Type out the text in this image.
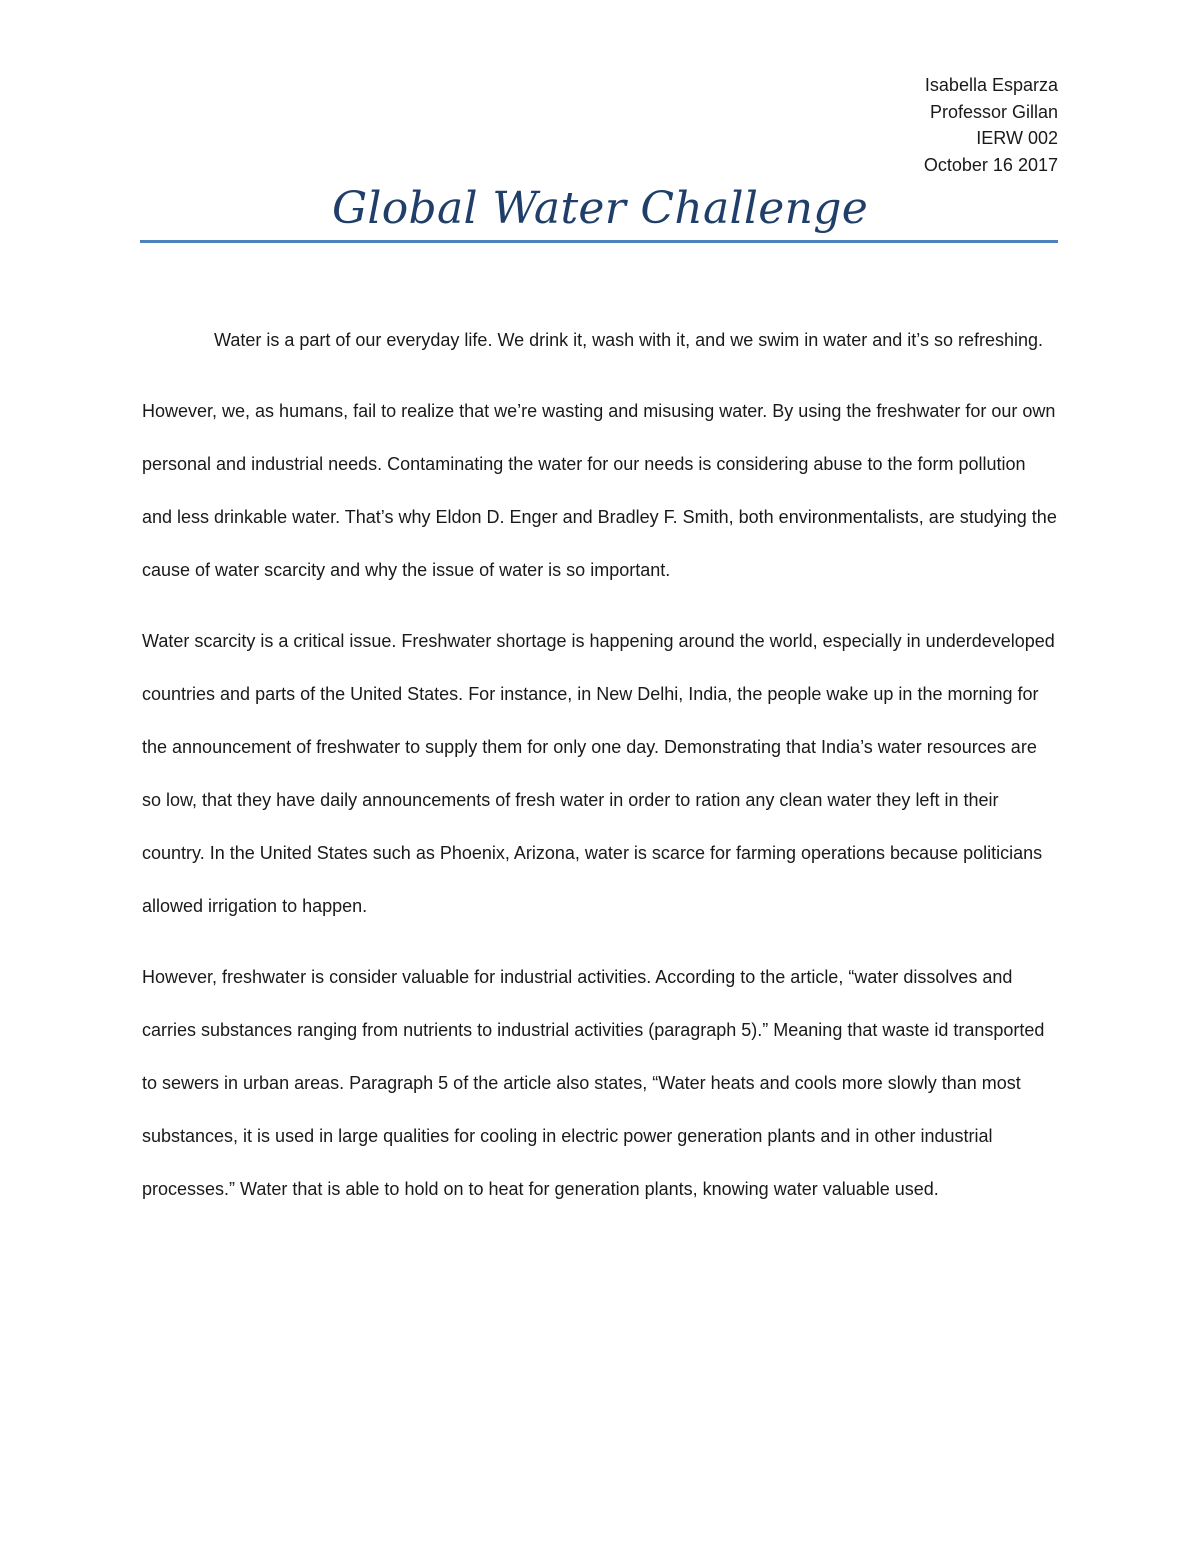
Isabella Esparza
Professor Gillan
IERW 002
October 16 2017
Global Water Challenge

Water is a part of our everyday life. We drink it, wash with it, and we swim in water and it’s so refreshing.

However, we, as humans, fail to realize that we’re wasting and misusing water. By using the freshwater for our own personal and industrial needs. Contaminating the water for our needs is considering abuse to the form pollution and less drinkable water. That’s why Eldon D. Enger and Bradley F. Smith, both environmentalists, are studying the cause of water scarcity and why the issue of water is so important.

Water scarcity is a critical issue. Freshwater shortage is happening around the world, especially in underdeveloped countries and parts of the United States. For instance, in New Delhi, India, the people wake up in the morning for the announcement of freshwater to supply them for only one day. Demonstrating that India’s water resources are so low, that they have daily announcements of fresh water in order to ration any clean water they left in their country. In the United States such as Phoenix, Arizona, water is scarce for farming operations because politicians allowed irrigation to happen.

However, freshwater is consider valuable for industrial activities. According to the article, “water dissolves and carries substances ranging from nutrients to industrial activities (paragraph 5).” Meaning that waste id transported to sewers in urban areas. Paragraph 5 of the article also states, “Water heats and cools more slowly than most substances, it is used in large qualities for cooling in electric power generation plants and in other industrial processes.” Water that is able to hold on to heat for generation plants, knowing water valuable used.
